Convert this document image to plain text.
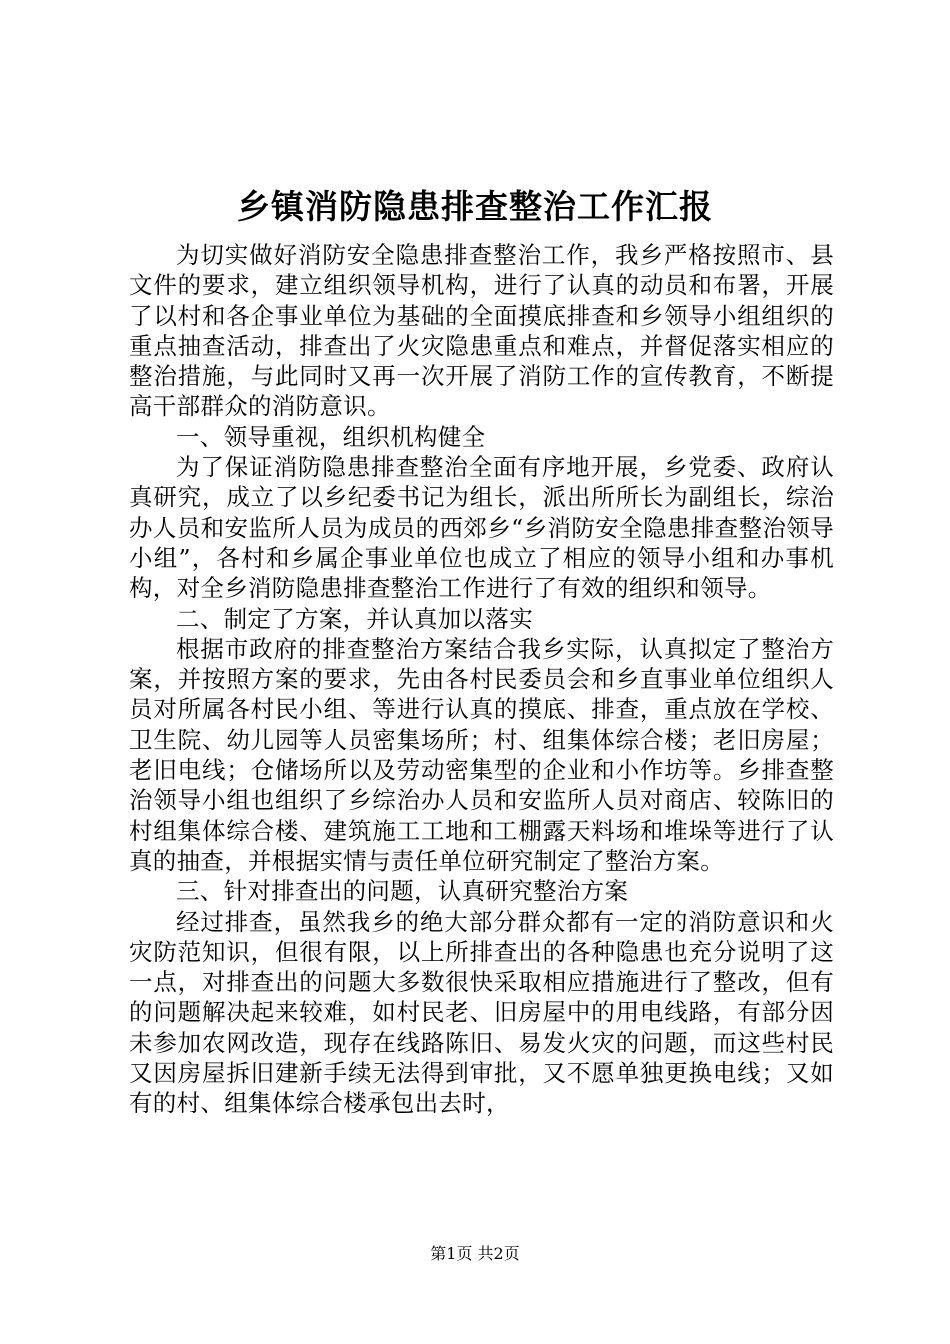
乡镇消防隐患排查整治工作汇报

为切实做好消防安全隐患排查整治工作，我乡严格按照市、县文件的要求，建立组织领导机构，进行了认真的动员和布署，开展了以村和各企事业单位为基础的全面摸底排查和乡领导小组组织的重点抽查活动，排查出了火灾隐患重点和难点，并督促落实相应的整治措施，与此同时又再一次开展了消防工作的宣传教育，不断提高干部群众的消防意识。

一、领导重视，组织机构健全

为了保证消防隐患排查整治全面有序地开展，乡党委、政府认真研究，成立了以乡纪委书记为组长，派出所所长为副组长，综治办人员和安监所人员为成员的西郊乡“乡消防安全隐患排查整治领导小组”，各村和乡属企事业单位也成立了相应的领导小组和办事机构，对全乡消防隐患排查整治工作进行了有效的组织和领导。

二、制定了方案，并认真加以落实

根据市政府的排查整治方案结合我乡实际，认真拟定了整治方案，并按照方案的要求，先由各村民委员会和乡直事业单位组织人员对所属各村民小组、等进行认真的摸底、排查，重点放在学校、卫生院、幼儿园等人员密集场所；村、组集体综合楼；老旧房屋；老旧电线；仓储场所以及劳动密集型的企业和小作坊等。乡排查整治领导小组也组织了乡综治办人员和安监所人员对商店、较陈旧的村组集体综合楼、建筑施工工地和工棚露天料场和堆垛等进行了认真的抽查，并根据实情与责任单位研究制定了整治方案。

三、针对排查出的问题，认真研究整治方案

经过排查，虽然我乡的绝大部分群众都有一定的消防意识和火灾防范知识，但很有限，以上所排查出的各种隐患也充分说明了这一点，对排查出的问题大多数很快采取相应措施进行了整改，但有的问题解决起来较难，如村民老、旧房屋中的用电线路，有部分因未参加农网改造，现存在线路陈旧、易发火灾的问题，而这些村民又因房屋拆旧建新手续无法得到审批，又不愿单独更换电线；又如有的村、组集体综合楼承包出去时，

第1页 共2页
